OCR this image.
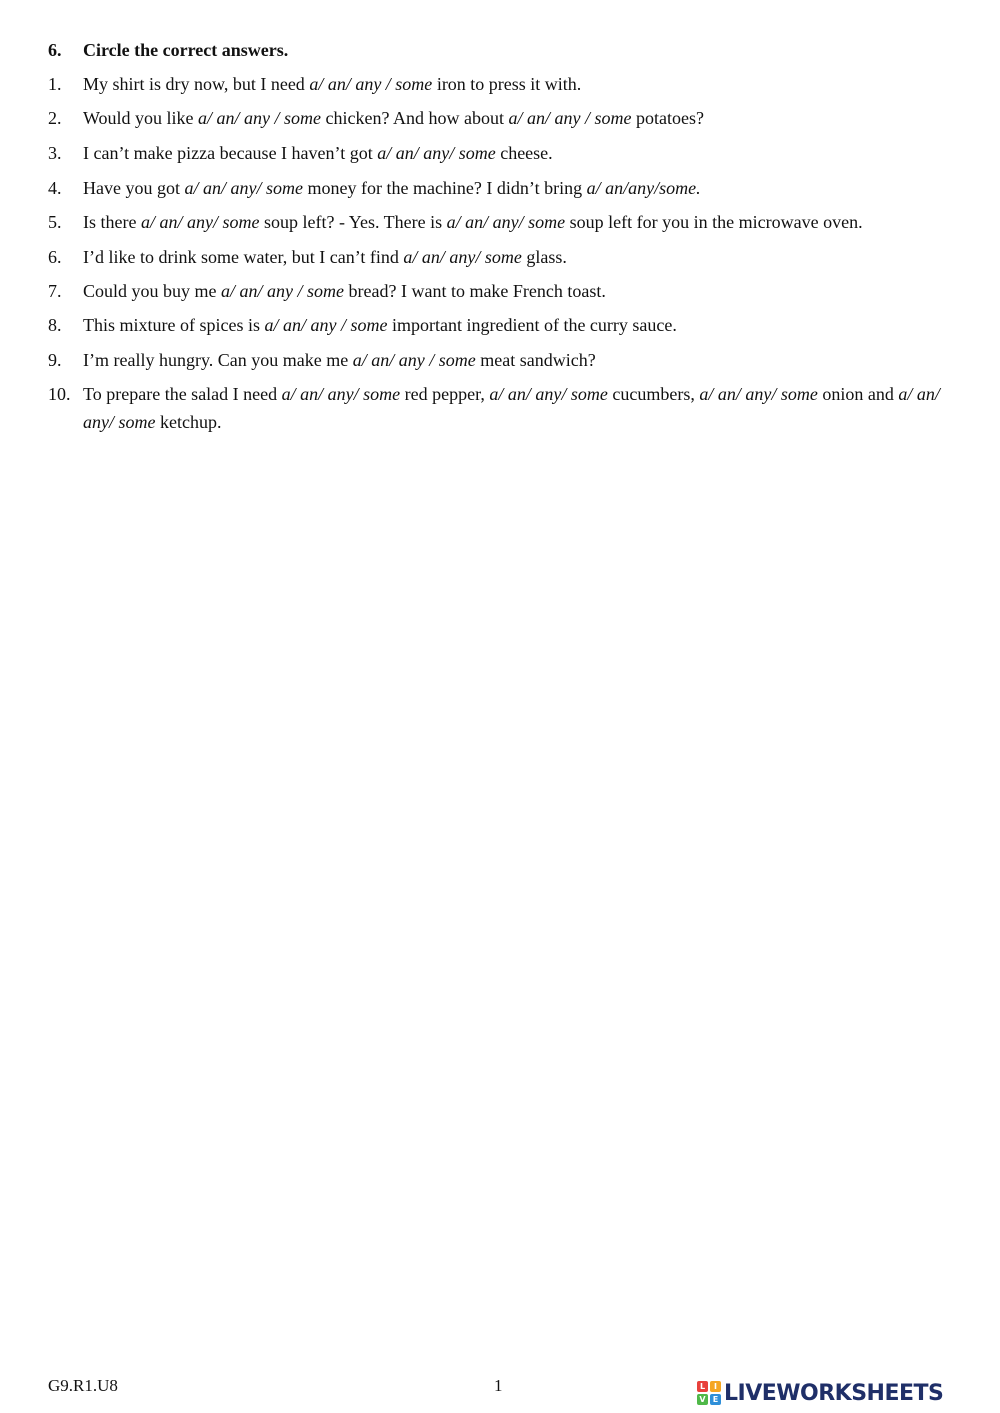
6. Circle the correct answers.
1. My shirt is dry now, but I need a/ an/ any / some iron to press it with.
2. Would you like a/ an/ any / some chicken? And how about a/ an/ any / some potatoes?
3. I can’t make pizza because I haven’t got a/ an/ any/ some cheese.
4. Have you got a/ an/ any/ some money for the machine? I didn’t bring a/ an/any/some.
5. Is there a/ an/ any/ some soup left? - Yes. There is a/ an/ any/ some soup left for you in the microwave oven.
6. I’d like to drink some water, but I can’t find a/ an/ any/ some glass.
7. Could you buy me a/ an/ any / some bread? I want to make French toast.
8. This mixture of spices is a/ an/ any / some important ingredient of the curry sauce.
9. I’m really hungry. Can you make me a/ an/ any / some meat sandwich?
10. To prepare the salad I need a/ an/ any/ some red pepper, a/ an/ any/ some cucumbers, a/ an/ any/ some onion and a/ an/ any/ some ketchup.
G9.R1.U8	1	L	I
V E LIVEWORKSHEETS
